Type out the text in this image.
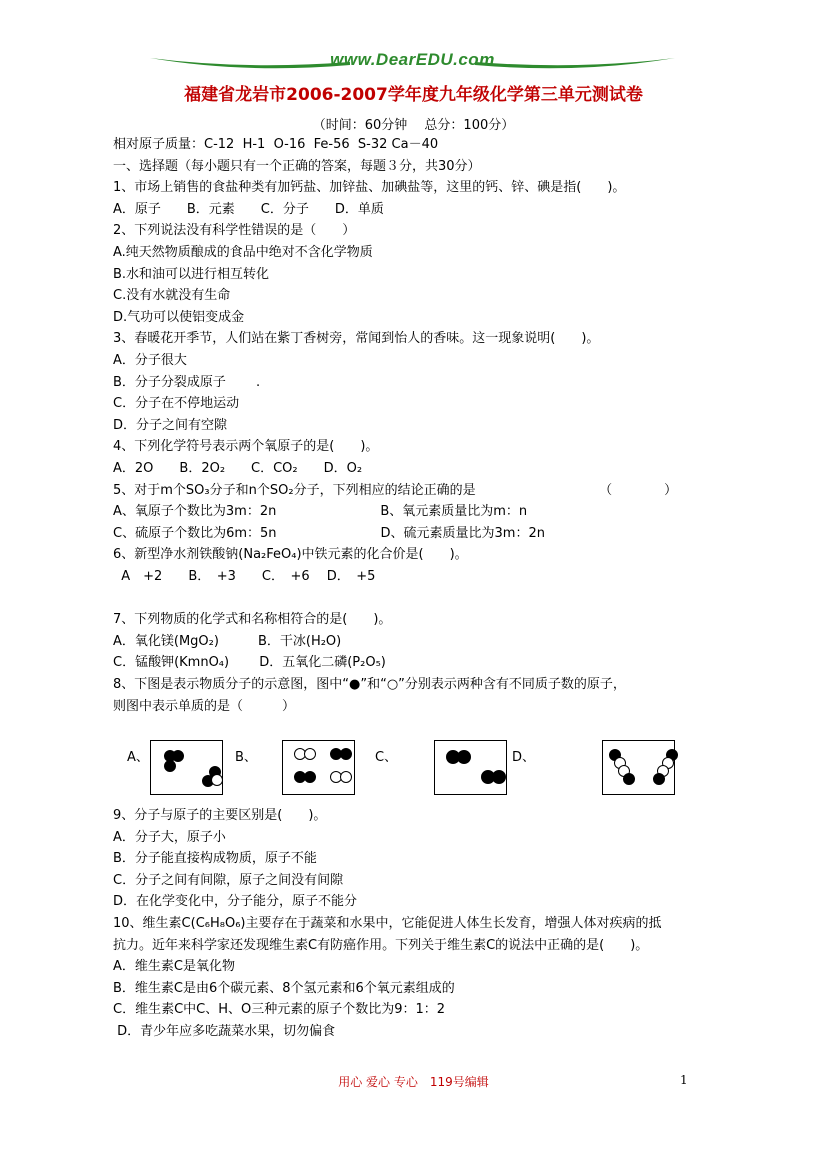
www.DearEDU.com
福建省龙岩市2006-2007学年度九年级化学第三单元测试卷
（时间：60分钟　 总分：100分）
相对原子质量：C-12  H-1  O-16  Fe-56  S-32 Ca－40
一、选择题（每小题只有一个正确的答案，每题３分，共30分）
1、市场上销售的食盐种类有加钙盐、加锌盐、加碘盐等，这里的钙、锌、碘是指(　　)。
A．原子　　B．元素　　C．分子　　D．单质
2、下列说法没有科学性错误的是（　　）
A.纯天然物质酿成的食品中绝对不含化学物质
B.水和油可以进行相互转化
C.没有水就没有生命
D.气功可以使铝变成金
3、春暖花开季节，人们站在紫丁香树旁，常闻到怡人的香味。这一现象说明(　　)。
A．分子很大
B．分子分裂成原子　　 .
C．分子在不停地运动
D．分子之间有空隙
4、下列化学符号表示两个氧原子的是(　　)。
A．2O　　B．2O₂　　C．CO₂　　D．O₂
5、对于m个SO₃分子和n个SO₂分子，下列相应的结论正确的是　　　　　　　　　　（　　　　）
A、氧原子个数比为3m：2n　　　　　　　　B、氧元素质量比为m：n
C、硫原子个数比为6m：5n　　　　　　　　D、硫元素质量比为3m：2n
6、新型净水剂铁酸钠(Na₂FeO₄)中铁元素的化合价是(　　)。
A　+2　　B．　+3　　C．　+6　 D．　+5
7、下列物质的化学式和名称相符合的是(　　)。
A．氧化镁(MgO₂)　　　B．干冰(H₂O)
C．锰酸钾(KmnO₄)　　 D．五氧化二磷(P₂O₅)
8、下图是表示物质分子的示意图，图中“●”和“○”分别表示两种含有不同质子数的原子，
则图中表示单质的是（　　　）
A、	B、	C、	D、
9、分子与原子的主要区别是(　　)。
A．分子大，原子小
B．分子能直接构成物质，原子不能
C．分子之间有间隙，原子之间没有间隙
D．在化学变化中，分子能分，原子不能分
10、维生素C(C₆H₈O₆)主要存在于蔬菜和水果中，它能促进人体生长发育，增强人体对疾病的抵
抗力。近年来科学家还发现维生素C有防癌作用。下列关于维生素C的说法中正确的是(　　)。
A．维生素C是氧化物
B．维生素C是由6个碳元素、8个氢元素和6个氧元素组成的
C．维生素C中C、H、O三种元素的原子个数比为9：1：2
D．青少年应多吃蔬菜水果，切勿偏食
用心 爱心 专心　119号编辑	1
